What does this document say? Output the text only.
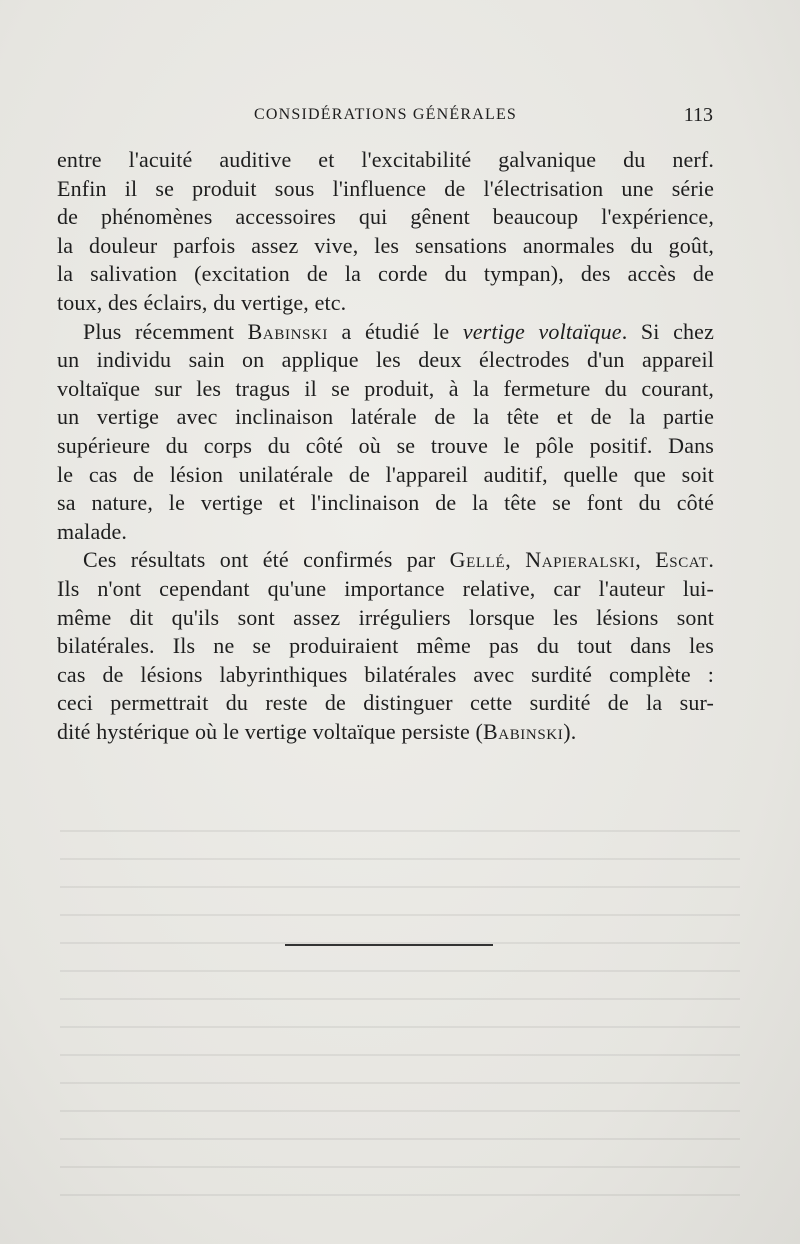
CONSIDÉRATIONS GÉNÉRALES	113
entre l'acuité auditive et l'excitabilité galvanique du nerf.
Enfin il se produit sous l'influence de l'électrisation une série
de phénomènes accessoires qui gênent beaucoup l'expérience,
la douleur parfois assez vive, les sensations anormales du goût,
la salivation (excitation de la corde du tympan), des accès de
toux, des éclairs, du vertige, etc.
Plus récemment Babinski a étudié le vertige voltaïque. Si chez
un individu sain on applique les deux électrodes d'un appareil
voltaïque sur les tragus il se produit, à la fermeture du courant,
un vertige avec inclinaison latérale de la tête et de la partie
supérieure du corps du côté où se trouve le pôle positif. Dans
le cas de lésion unilatérale de l'appareil auditif, quelle que soit
sa nature, le vertige et l'inclinaison de la tête se font du côté
malade.
Ces résultats ont été confirmés par Gellé, Napieralski, Escat.
Ils n'ont cependant qu'une importance relative, car l'auteur lui-
même dit qu'ils sont assez irréguliers lorsque les lésions sont
bilatérales. Ils ne se produiraient même pas du tout dans les
cas de lésions labyrinthiques bilatérales avec surdité complète :
ceci permettrait du reste de distinguer cette surdité de la sur-
dité hystérique où le vertige voltaïque persiste (Babinski).
